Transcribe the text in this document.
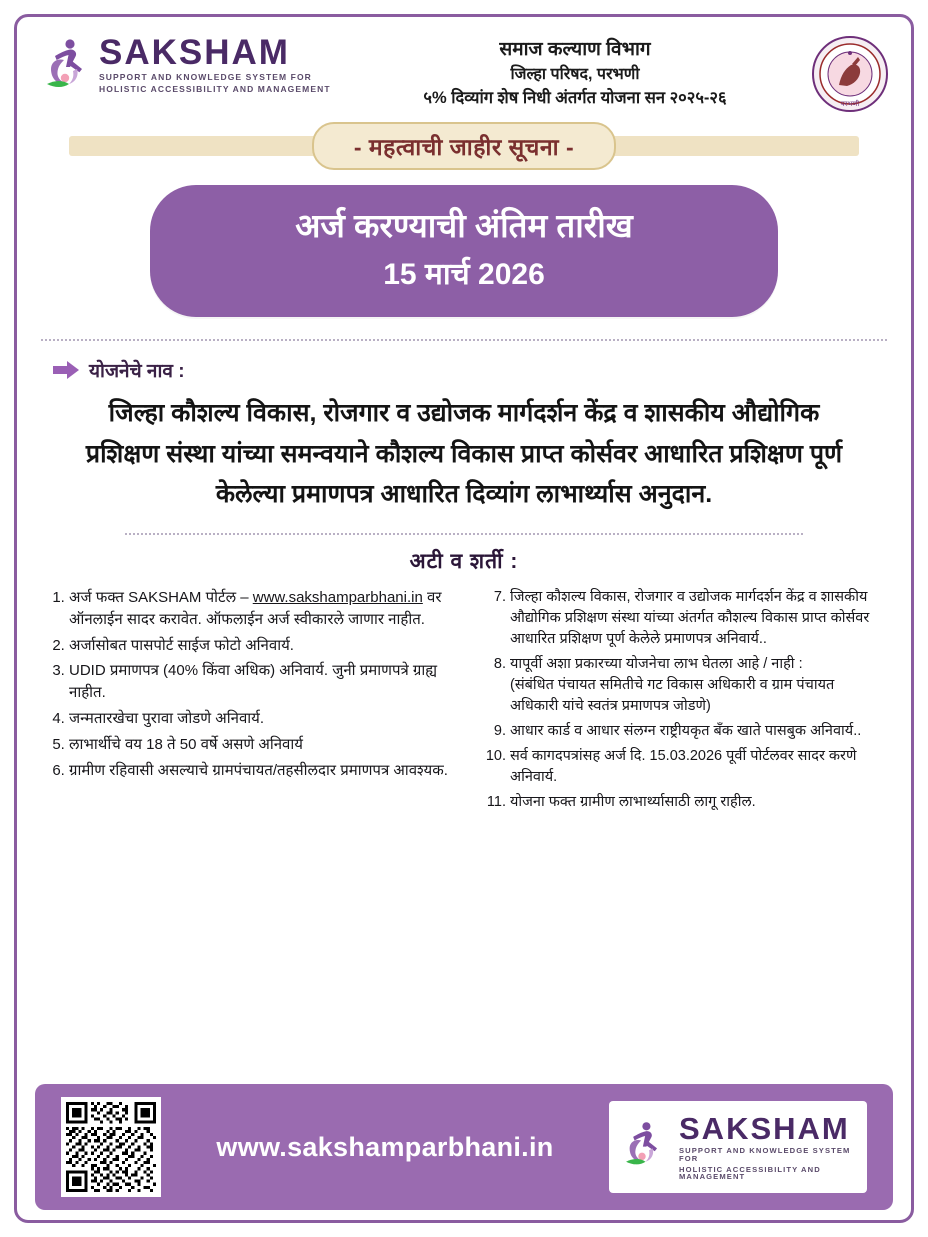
SAKSHAM
SUPPORT AND KNOWLEDGE SYSTEM FOR
HOLISTIC ACCESSIBILITY AND MANAGEMENT
समाज कल्याण विभाग
जिल्हा परिषद, परभणी
५% दिव्यांग शेष निधी अंतर्गत योजना सन २०२५-२६	परभणी
- महत्वाची जाहीर सूचना -
अर्ज करण्याची अंतिम तारीख
15 मार्च 2026
योजनेचे नाव :
जिल्हा कौशल्य विकास, रोजगार व उद्योजक मार्गदर्शन केंद्र व शासकीय औद्योगिक प्रशिक्षण संस्था यांच्या समन्वयाने कौशल्य विकास प्राप्त कोर्सवर आधारित प्रशिक्षण पूर्ण केलेल्या प्रमाणपत्र आधारित दिव्यांग लाभार्थ्यास अनुदान.
अटी व शर्ती :
1. अर्ज फक्त SAKSHAM पोर्टल – www.sakshamparbhani.in वर ऑनलाईन सादर करावेत. ऑफलाईन अर्ज स्वीकारले जाणार नाहीत.
2. अर्जासोबत पासपोर्ट साईज फोटो अनिवार्य.
3. UDID प्रमाणपत्र (40% किंवा अधिक) अनिवार्य. जुनी प्रमाणपत्रे ग्राह्य नाहीत.
4. जन्मतारखेचा पुरावा जोडणे अनिवार्य.
5. लाभार्थीचे वय 18 ते 50 वर्षे असणे अनिवार्य
6. ग्रामीण रहिवासी असल्याचे ग्रामपंचायत/तहसीलदार प्रमाणपत्र आवश्यक.
7. जिल्हा कौशल्य विकास, रोजगार व उद्योजक मार्गदर्शन केंद्र व शासकीय औद्योगिक प्रशिक्षण संस्था यांच्या अंतर्गत कौशल्य विकास प्राप्त कोर्सवर आधारित प्रशिक्षण पूर्ण केलेले प्रमाणपत्र अनिवार्य..
8. यापूर्वी अशा प्रकारच्या योजनेचा लाभ घेतला आहे / नाही :
(संबंधित पंचायत समितीचे गट विकास अधिकारी व ग्राम पंचायत अधिकारी यांचे स्वतंत्र प्रमाणपत्र जोडणे)
9. आधार कार्ड व आधार संलग्न राष्ट्रीयकृत बँक खाते पासबुक अनिवार्य..
10. सर्व कागदपत्रांसह अर्ज दि. 15.03.2026 पूर्वी पोर्टलवर सादर करणे अनिवार्य.
11. योजना फक्त ग्रामीण लाभार्थ्यासाठी लागू राहील.
www.sakshamparbhani.in
SAKSHAM
SUPPORT AND KNOWLEDGE SYSTEM FOR
HOLISTIC ACCESSIBILITY AND MANAGEMENT
